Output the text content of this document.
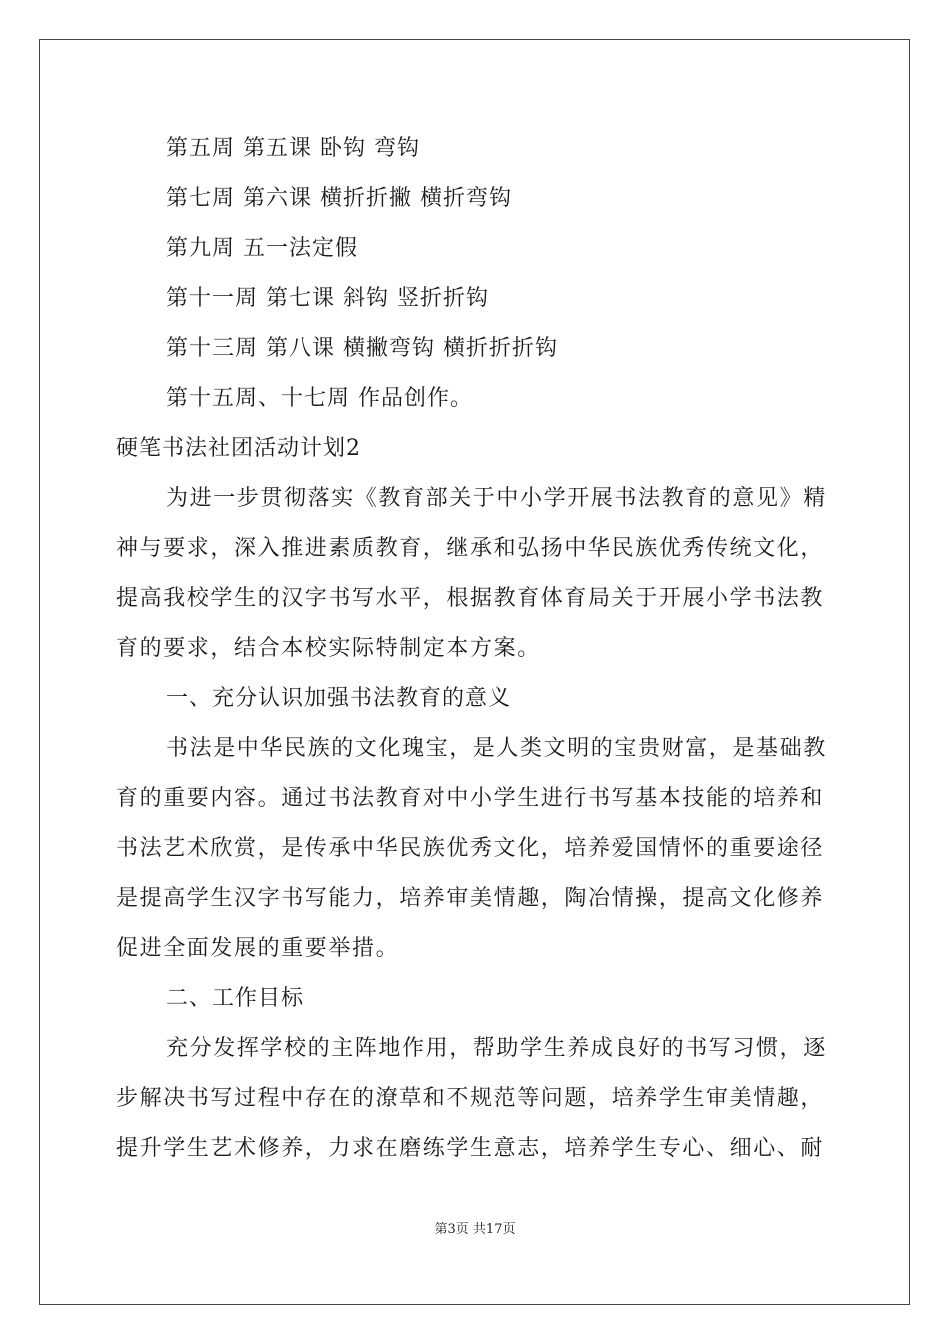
第五周 第五课 卧钩 弯钩
第七周 第六课 横折折撇 横折弯钩
第九周 五一法定假
第十一周 第七课 斜钩 竖折折钩
第十三周 第八课 横撇弯钩 横折折折钩
第十五周、十七周 作品创作。
硬笔书法社团活动计划2
为进一步贯彻落实《教育部关于中小学开展书法教育的意见》精
神与要求，深入推进素质教育，继承和弘扬中华民族优秀传统文化，
提高我校学生的汉字书写水平，根据教育体育局关于开展小学书法教
育的要求，结合本校实际特制定本方案。
一、充分认识加强书法教育的意义
书法是中华民族的文化瑰宝，是人类文明的宝贵财富，是基础教
育的重要内容。通过书法教育对中小学生进行书写基本技能的培养和
书法艺术欣赏，是传承中华民族优秀文化，培养爱国情怀的重要途径
是提高学生汉字书写能力，培养审美情趣，陶冶情操，提高文化修养
促进全面发展的重要举措。
二、工作目标
充分发挥学校的主阵地作用，帮助学生养成良好的书写习惯，逐
步解决书写过程中存在的潦草和不规范等问题，培养学生审美情趣，
提升学生艺术修养，力求在磨练学生意志，培养学生专心、细心、耐
第3页 共17页
